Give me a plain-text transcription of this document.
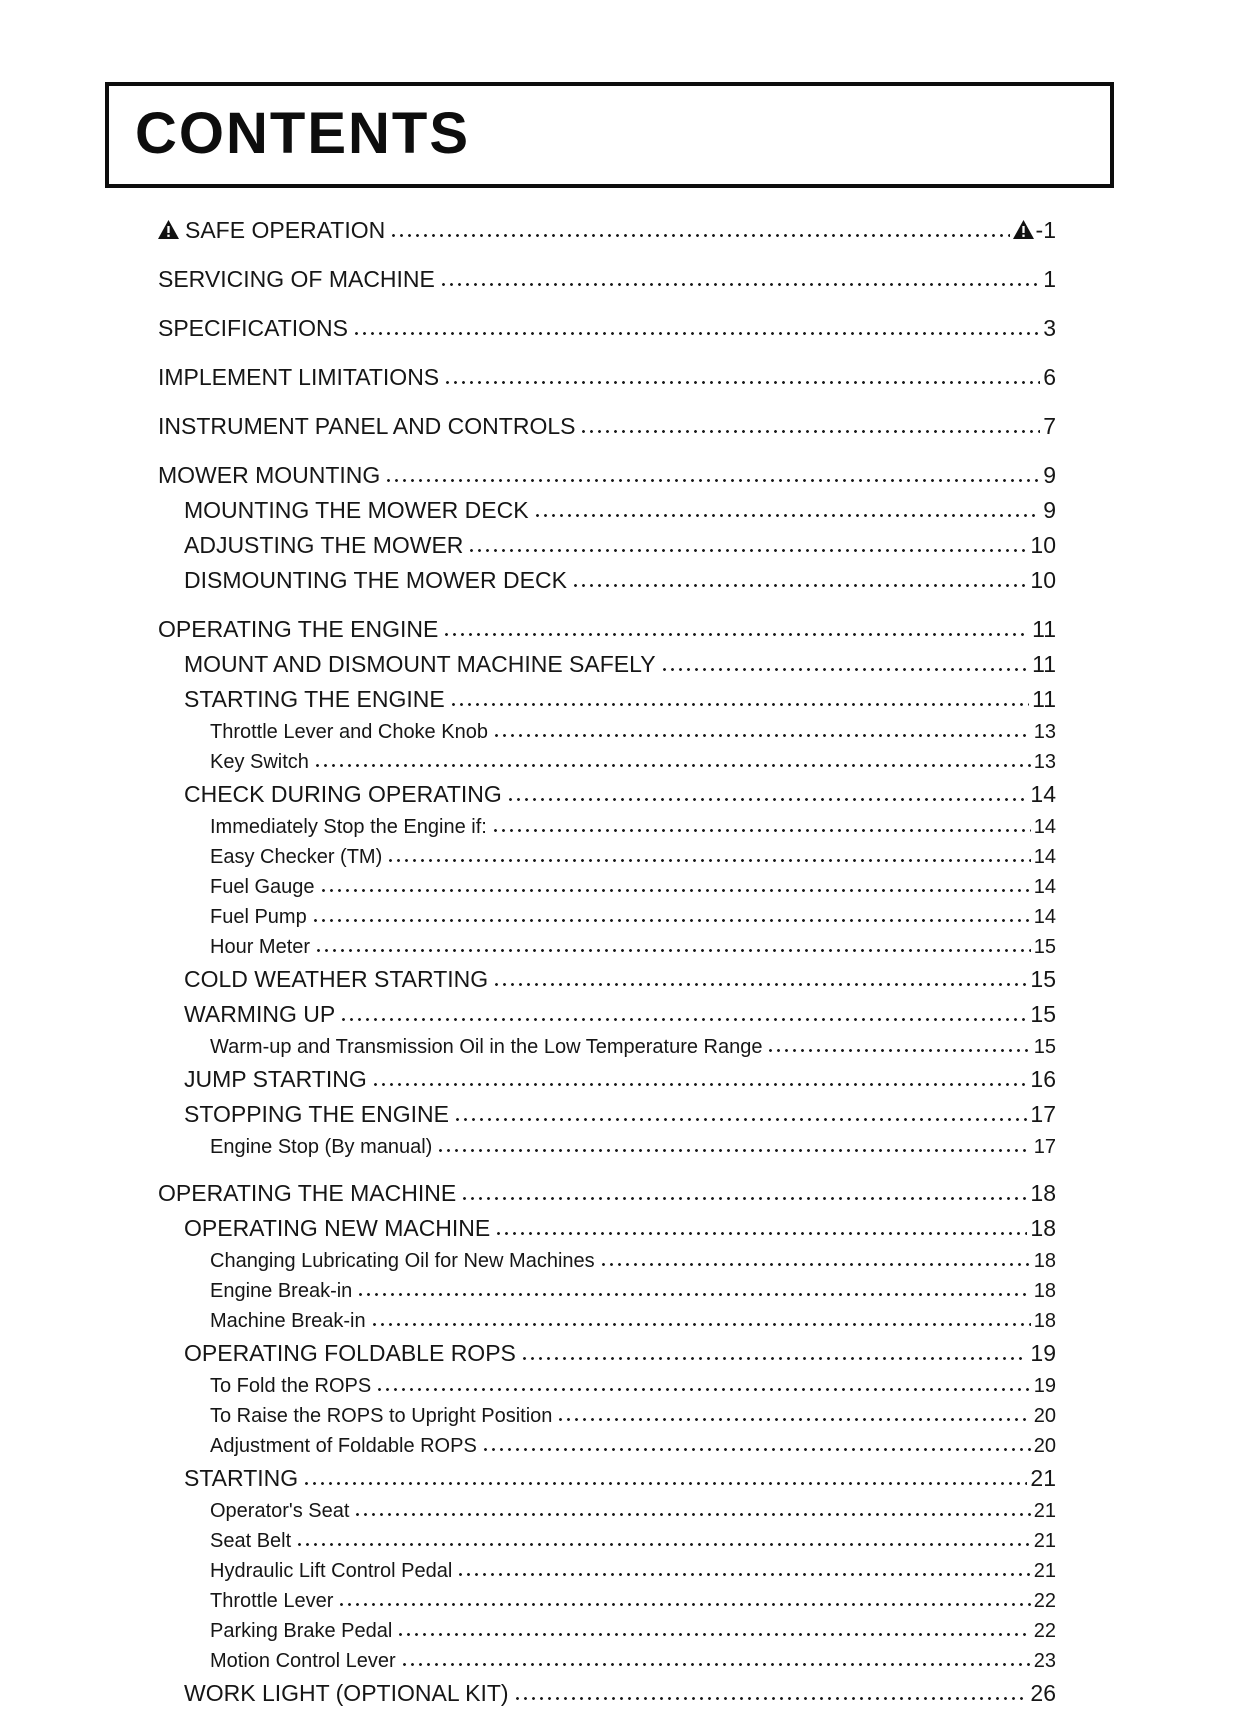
CONTENTS
SAFE OPERATION	-1
SERVICING OF MACHINE	1
SPECIFICATIONS	3
IMPLEMENT LIMITATIONS	6
INSTRUMENT PANEL AND CONTROLS	7
MOWER MOUNTING	9
MOUNTING THE MOWER DECK	9
ADJUSTING THE MOWER	10
DISMOUNTING THE MOWER DECK	10
OPERATING THE ENGINE	11
MOUNT AND DISMOUNT MACHINE SAFELY	11
STARTING THE ENGINE	11
Throttle Lever and Choke Knob	13
Key Switch	13
CHECK DURING OPERATING	14
Immediately Stop the Engine if:	14
Easy Checker (TM)	14
Fuel Gauge	14
Fuel Pump	14
Hour Meter	15
COLD WEATHER STARTING	15
WARMING UP	15
Warm-up and Transmission Oil in the Low Temperature Range	15
JUMP STARTING	16
STOPPING THE ENGINE	17
Engine Stop (By manual)	17
OPERATING THE MACHINE	18
OPERATING NEW MACHINE	18
Changing Lubricating Oil for New Machines	18
Engine Break-in	18
Machine Break-in	18
OPERATING FOLDABLE ROPS	19
To Fold the ROPS	19
To Raise the ROPS to Upright Position	20
Adjustment of Foldable ROPS	20
STARTING	21
Operator's Seat	21
Seat Belt	21
Hydraulic Lift Control Pedal	21
Throttle Lever	22
Parking Brake Pedal	22
Motion Control Lever	23
WORK LIGHT (OPTIONAL KIT)	26
